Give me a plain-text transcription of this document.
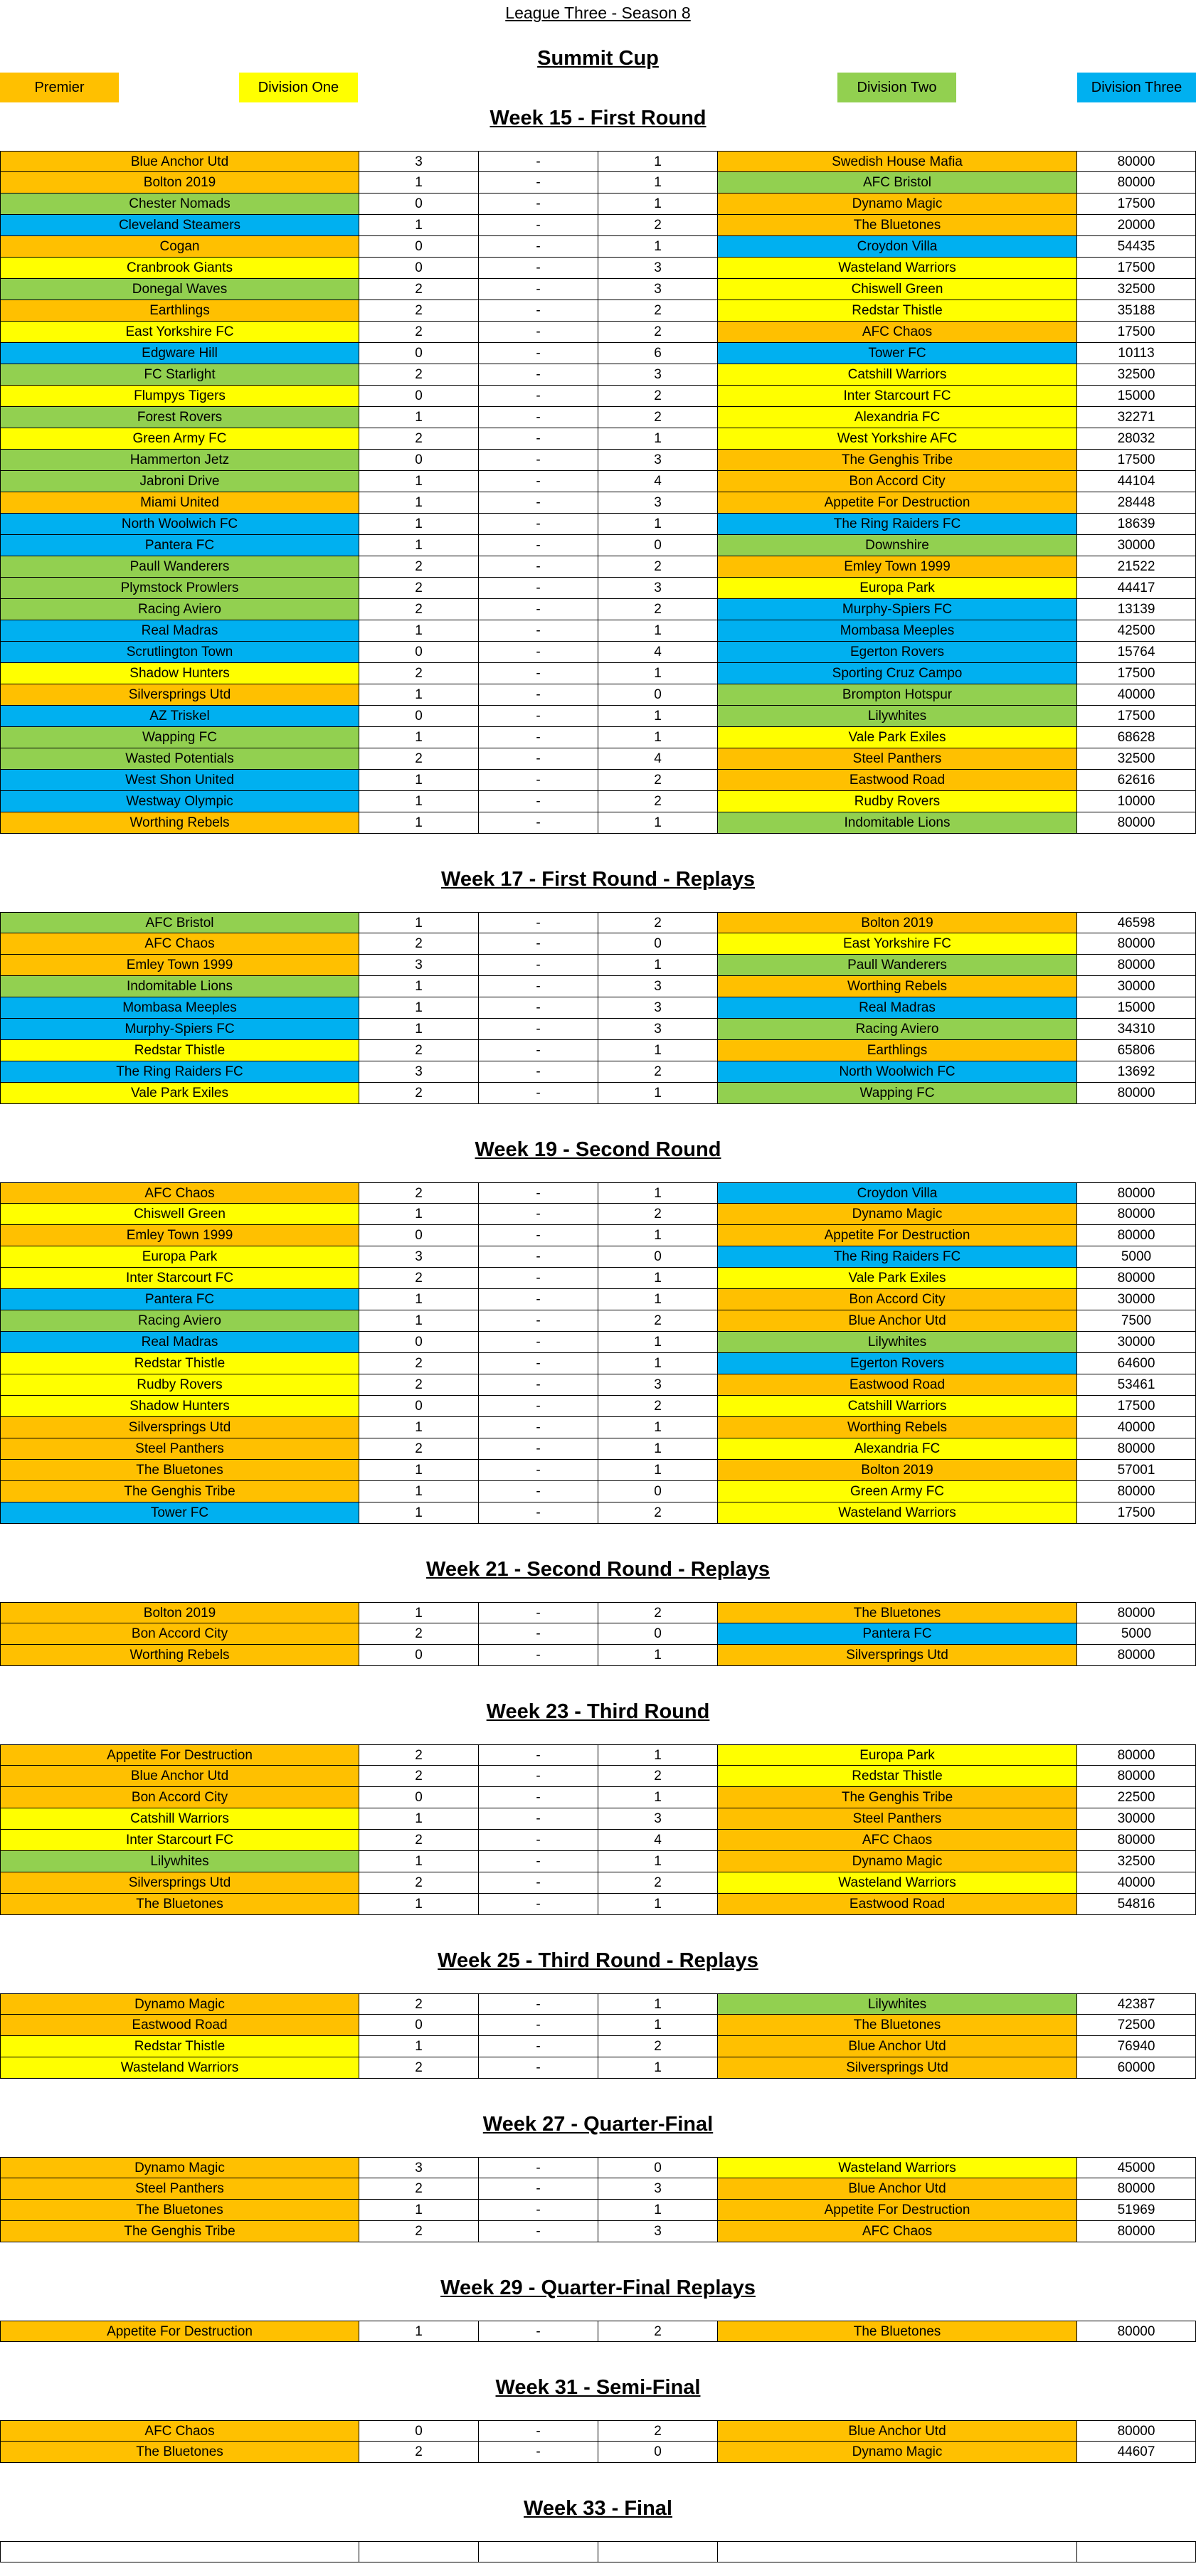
League Three - Season 8
Summit Cup
Premier	Division One	Division Two	Division Three
Week 15 - First Round
Blue Anchor Utd	3	-	1	Swedish House Mafia	80000
Bolton 2019	1	-	1	AFC Bristol	80000
Chester Nomads	0	-	1	Dynamo Magic	17500
Cleveland Steamers	1	-	2	The Bluetones	20000
Cogan	0	-	1	Croydon Villa	54435
Cranbrook Giants	0	-	3	Wasteland Warriors	17500
Donegal Waves	2	-	3	Chiswell Green	32500
Earthlings	2	-	2	Redstar Thistle	35188
East Yorkshire FC	2	-	2	AFC Chaos	17500
Edgware Hill	0	-	6	Tower FC	10113
FC Starlight	2	-	3	Catshill Warriors	32500
Flumpys Tigers	0	-	2	Inter Starcourt FC	15000
Forest Rovers	1	-	2	Alexandria FC	32271
Green Army FC	2	-	1	West Yorkshire AFC	28032
Hammerton Jetz	0	-	3	The Genghis Tribe	17500
Jabroni Drive	1	-	4	Bon Accord City	44104
Miami United	1	-	3	Appetite For Destruction	28448
North Woolwich FC	1	-	1	The Ring Raiders FC	18639
Pantera FC	1	-	0	Downshire	30000
Paull Wanderers	2	-	2	Emley Town 1999	21522
Plymstock Prowlers	2	-	3	Europa Park	44417
Racing Aviero	2	-	2	Murphy-Spiers FC	13139
Real Madras	1	-	1	Mombasa Meeples	42500
Scrutlington Town	0	-	4	Egerton Rovers	15764
Shadow Hunters	2	-	1	Sporting Cruz Campo	17500
Silversprings Utd	1	-	0	Brompton Hotspur	40000
AZ Triskel	0	-	1	Lilywhites	17500
Wapping FC	1	-	1	Vale Park Exiles	68628
Wasted Potentials	2	-	4	Steel Panthers	32500
West Shon United	1	-	2	Eastwood Road	62616
Westway Olympic	1	-	2	Rudby Rovers	10000
Worthing Rebels	1	-	1	Indomitable Lions	80000
Week 17 - First Round - Replays
AFC Bristol	1	-	2	Bolton 2019	46598
AFC Chaos	2	-	0	East Yorkshire FC	80000
Emley Town 1999	3	-	1	Paull Wanderers	80000
Indomitable Lions	1	-	3	Worthing Rebels	30000
Mombasa Meeples	1	-	3	Real Madras	15000
Murphy-Spiers FC	1	-	3	Racing Aviero	34310
Redstar Thistle	2	-	1	Earthlings	65806
The Ring Raiders FC	3	-	2	North Woolwich FC	13692
Vale Park Exiles	2	-	1	Wapping FC	80000
Week 19 - Second Round
AFC Chaos	2	-	1	Croydon Villa	80000
Chiswell Green	1	-	2	Dynamo Magic	80000
Emley Town 1999	0	-	1	Appetite For Destruction	80000
Europa Park	3	-	0	The Ring Raiders FC	5000
Inter Starcourt FC	2	-	1	Vale Park Exiles	80000
Pantera FC	1	-	1	Bon Accord City	30000
Racing Aviero	1	-	2	Blue Anchor Utd	7500
Real Madras	0	-	1	Lilywhites	30000
Redstar Thistle	2	-	1	Egerton Rovers	64600
Rudby Rovers	2	-	3	Eastwood Road	53461
Shadow Hunters	0	-	2	Catshill Warriors	17500
Silversprings Utd	1	-	1	Worthing Rebels	40000
Steel Panthers	2	-	1	Alexandria FC	80000
The Bluetones	1	-	1	Bolton 2019	57001
The Genghis Tribe	1	-	0	Green Army FC	80000
Tower FC	1	-	2	Wasteland Warriors	17500
Week 21 - Second Round - Replays
Bolton 2019	1	-	2	The Bluetones	80000
Bon Accord City	2	-	0	Pantera FC	5000
Worthing Rebels	0	-	1	Silversprings Utd	80000
Week 23 - Third Round
Appetite For Destruction	2	-	1	Europa Park	80000
Blue Anchor Utd	2	-	2	Redstar Thistle	80000
Bon Accord City	0	-	1	The Genghis Tribe	22500
Catshill Warriors	1	-	3	Steel Panthers	30000
Inter Starcourt FC	2	-	4	AFC Chaos	80000
Lilywhites	1	-	1	Dynamo Magic	32500
Silversprings Utd	2	-	2	Wasteland Warriors	40000
The Bluetones	1	-	1	Eastwood Road	54816
Week 25 - Third Round - Replays
Dynamo Magic	2	-	1	Lilywhites	42387
Eastwood Road	0	-	1	The Bluetones	72500
Redstar Thistle	1	-	2	Blue Anchor Utd	76940
Wasteland Warriors	2	-	1	Silversprings Utd	60000
Week 27 - Quarter-Final
Dynamo Magic	3	-	0	Wasteland Warriors	45000
Steel Panthers	2	-	3	Blue Anchor Utd	80000
The Bluetones	1	-	1	Appetite For Destruction	51969
The Genghis Tribe	2	-	3	AFC Chaos	80000
Week 29 - Quarter-Final Replays
Appetite For Destruction	1	-	2	The Bluetones	80000
Week 31 - Semi-Final
AFC Chaos	0	-	2	Blue Anchor Utd	80000
The Bluetones	2	-	0	Dynamo Magic	44607
Week 33 - Final
